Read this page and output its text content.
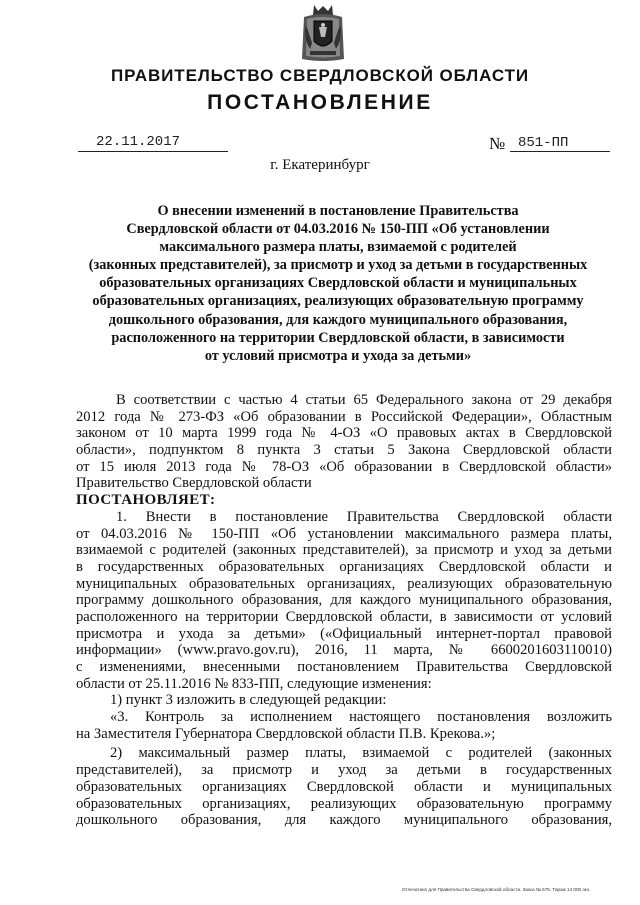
ПРАВИТЕЛЬСТВО СВЕРДЛОВСКОЙ ОБЛАСТИ
ПОСТАНОВЛЕНИЕ
22.11.2017	№ 851-ПП
г. Екатеринбург
О внесении изменений в постановление Правительства
Свердловской области от 04.03.2016 № 150-ПП «Об установлении
максимального размера платы, взимаемой с родителей
(законных представителей), за присмотр и уход за детьми в государственных
образовательных организациях Свердловской области и муниципальных
образовательных организациях, реализующих образовательную программу
дошкольного образования, для каждого муниципального образования,
расположенного на территории Свердловской области, в зависимости
от условий присмотра и ухода за детьми»
В соответствии с частью 4 статьи 65 Федерального закона от 29 декабря
2012 года № 273-ФЗ «Об образовании в Российской Федерации», Областным
законом от 10 марта 1999 года № 4-ОЗ «О правовых актах в Свердловской
области», подпунктом 8 пункта 3 статьи 5 Закона Свердловской области
от 15 июля 2013 года № 78-ОЗ «Об образовании в Свердловской области»
Правительство Свердловской области
ПОСТАНОВЛЯЕТ:
1. Внести в постановление Правительства Свердловской области
от 04.03.2016 № 150-ПП «Об установлении максимального размера платы,
взимаемой с родителей (законных представителей), за присмотр и уход за детьми
в государственных образовательных организациях Свердловской области и
муниципальных образовательных организациях, реализующих образовательную
программу дошкольного образования, для каждого муниципального образования,
расположенного на территории Свердловской области, в зависимости от условий
присмотра и ухода за детьми» («Официальный интернет-портал правовой
информации» (www.pravo.gov.ru), 2016, 11 марта, № 6600201603110010)
с изменениями, внесенными постановлением Правительства Свердловской
области от 25.11.2016 № 833-ПП, следующие изменения:
1) пункт 3 изложить в следующей редакции:
«3. Контроль за исполнением настоящего постановления возложить
на Заместителя Губернатора Свердловской области П.В. Крекова.»;
2) максимальный размер платы, взимаемой с родителей (законных
представителей), за присмотр и уход за детьми в государственных
образовательных организациях Свердловской области и муниципальных
образовательных организациях, реализующих образовательную программу
дошкольного образования, для каждого муниципального образования,
Отпечатано для Правительства Свердловской области. Заказ № 575. Тираж 14 000 экз.
